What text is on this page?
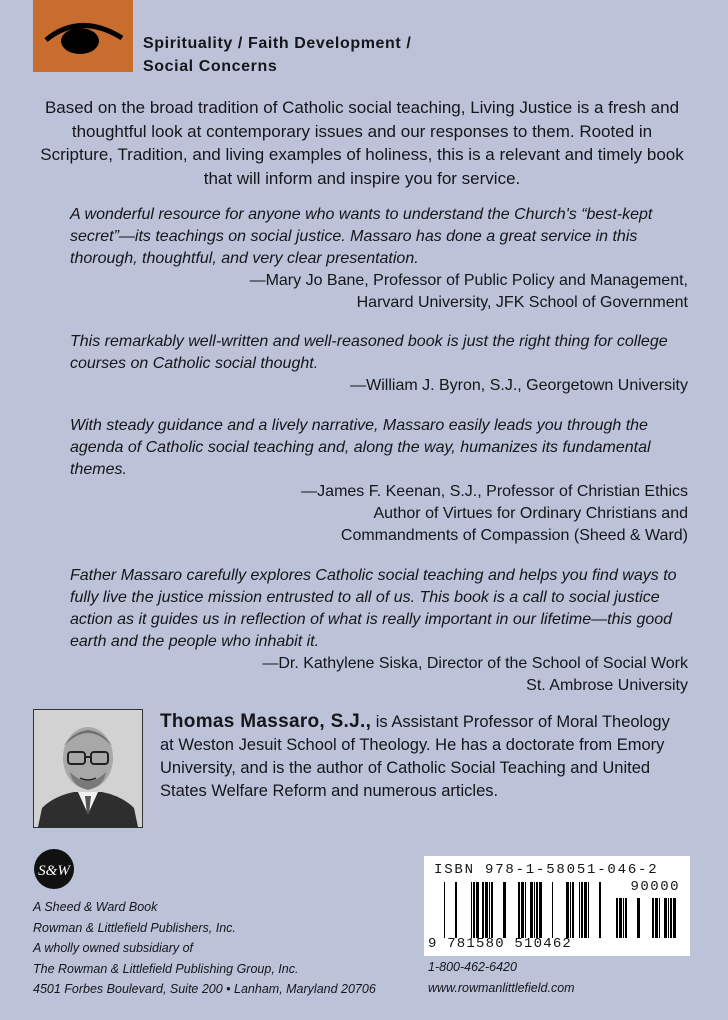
Spirituality / Faith Development /
Social Concerns
Based on the broad tradition of Catholic social teaching, Living Justice is a fresh and thoughtful look at contemporary issues and our responses to them. Rooted in Scripture, Tradition, and living examples of holiness, this is a relevant and timely book that will inform and inspire you for service.
A wonderful resource for anyone who wants to understand the Church's “best-kept secret”—its teachings on social justice. Massaro has done a great service in this thorough, thoughtful, and very clear presentation.
—Mary Jo Bane, Professor of Public Policy and Management,
Harvard University, JFK School of Government
This remarkably well-written and well-reasoned book is just the right thing for college courses on Catholic social thought.
—William J. Byron, S.J., Georgetown University
With steady guidance and a lively narrative, Massaro easily leads you through the agenda of Catholic social teaching and, along the way, humanizes its fundamental themes.
—James F. Keenan, S.J., Professor of Christian Ethics
Author of Virtues for Ordinary Christians and
Commandments of Compassion (Sheed & Ward)
Father Massaro carefully explores Catholic social teaching and helps you find ways to fully live the justice mission entrusted to all of us. This book is a call to social justice action as it guides us in reflection of what is really important in our lifetime—this good earth and the people who inhabit it.
—Dr. Kathylene Siska, Director of the School of Social Work
St. Ambrose University
Thomas Massaro, S.J., is Assistant Professor of Moral Theology at Weston Jesuit School of Theology. He has a doctorate from Emory University, and is the author of Catholic Social Teaching and United States Welfare Reform and numerous articles.
S&W
A Sheed & Ward Book
Rowman & Littlefield Publishers, Inc.
A wholly owned subsidiary of
The Rowman & Littlefield Publishing Group, Inc.
4501 Forbes Boulevard, Suite 200 • Lanham, Maryland 20706
ISBN 978-1-58051-046-2
90000
9 781580 510462
1-800-462-6420
www.rowmanlittlefield.com
